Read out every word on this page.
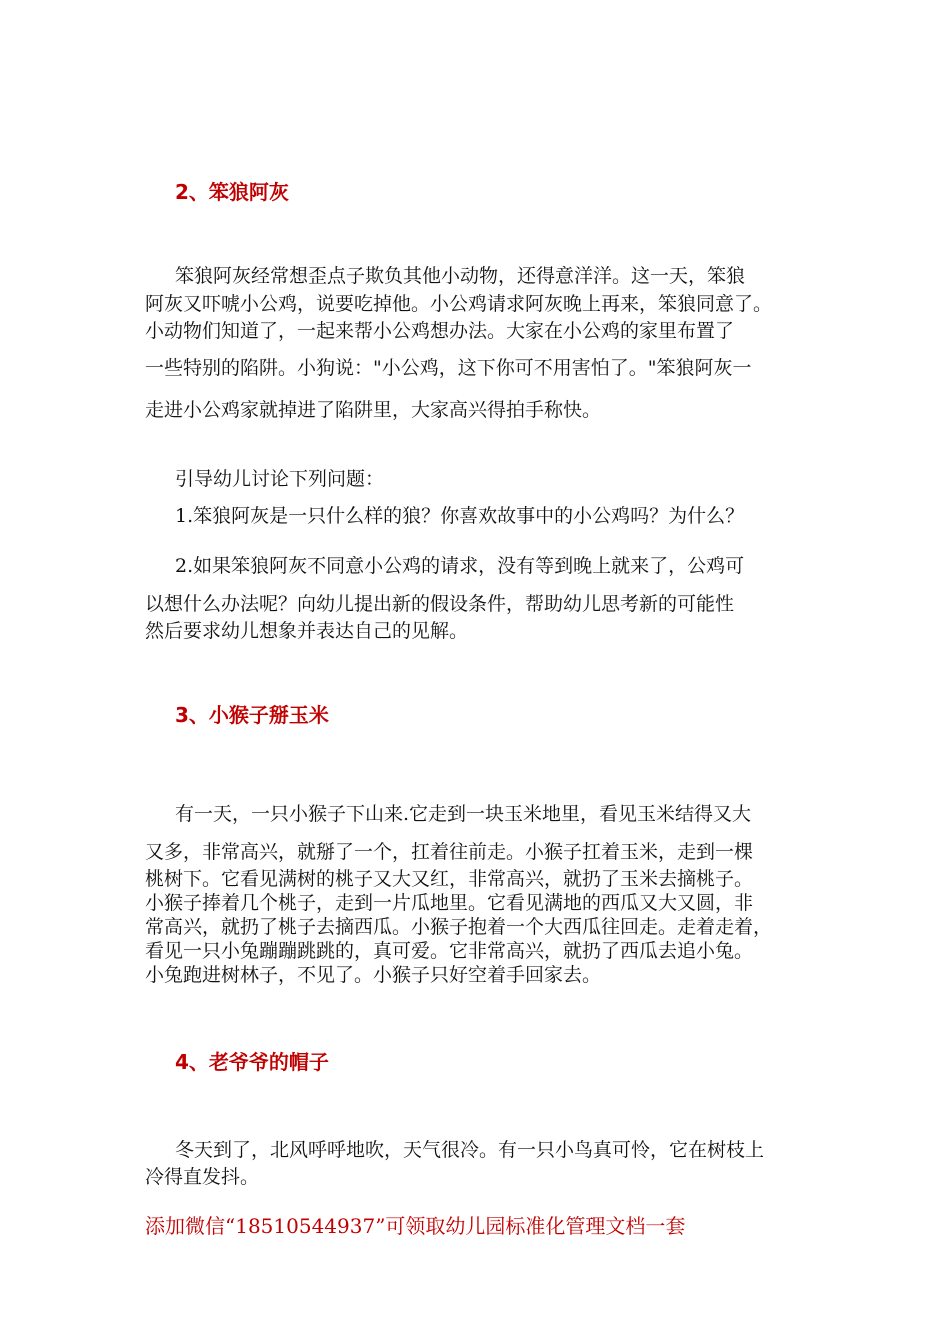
2、笨狼阿灰
笨狼阿灰经常想歪点子欺负其他小动物，还得意洋洋。这一天，笨狼
阿灰又吓唬小公鸡，说要吃掉他。小公鸡请求阿灰晚上再来，笨狼同意了。
小动物们知道了，一起来帮小公鸡想办法。大家在小公鸡的家里布置了
一些特别的陷阱。小狗说："小公鸡，这下你可不用害怕了。"笨狼阿灰一
走进小公鸡家就掉进了陷阱里，大家高兴得拍手称快。
引导幼儿讨论下列问题：
1.笨狼阿灰是一只什么样的狼？你喜欢故事中的小公鸡吗？为什么？
2.如果笨狼阿灰不同意小公鸡的请求，没有等到晚上就来了，公鸡可
以想什么办法呢？向幼儿提出新的假设条件，帮助幼儿思考新的可能性
然后要求幼儿想象并表达自己的见解。
3、小猴子掰玉米
有一天，一只小猴子下山来.它走到一块玉米地里，看见玉米结得又大
又多，非常高兴，就掰了一个，扛着往前走。小猴子扛着玉米，走到一棵
桃树下。它看见满树的桃子又大又红，非常高兴，就扔了玉米去摘桃子。
小猴子捧着几个桃子，走到一片瓜地里。它看见满地的西瓜又大又圆，非
常高兴，就扔了桃子去摘西瓜。小猴子抱着一个大西瓜往回走。走着走着，
看见一只小兔蹦蹦跳跳的，真可爱。它非常高兴，就扔了西瓜去追小兔。
小兔跑进树林子，不见了。小猴子只好空着手回家去。
4、老爷爷的帽子
冬天到了，北风呼呼地吹，天气很冷。有一只小鸟真可怜，它在树枝上
冷得直发抖。

添加微信“18510544937”可领取幼儿园标准化管理文档一套
